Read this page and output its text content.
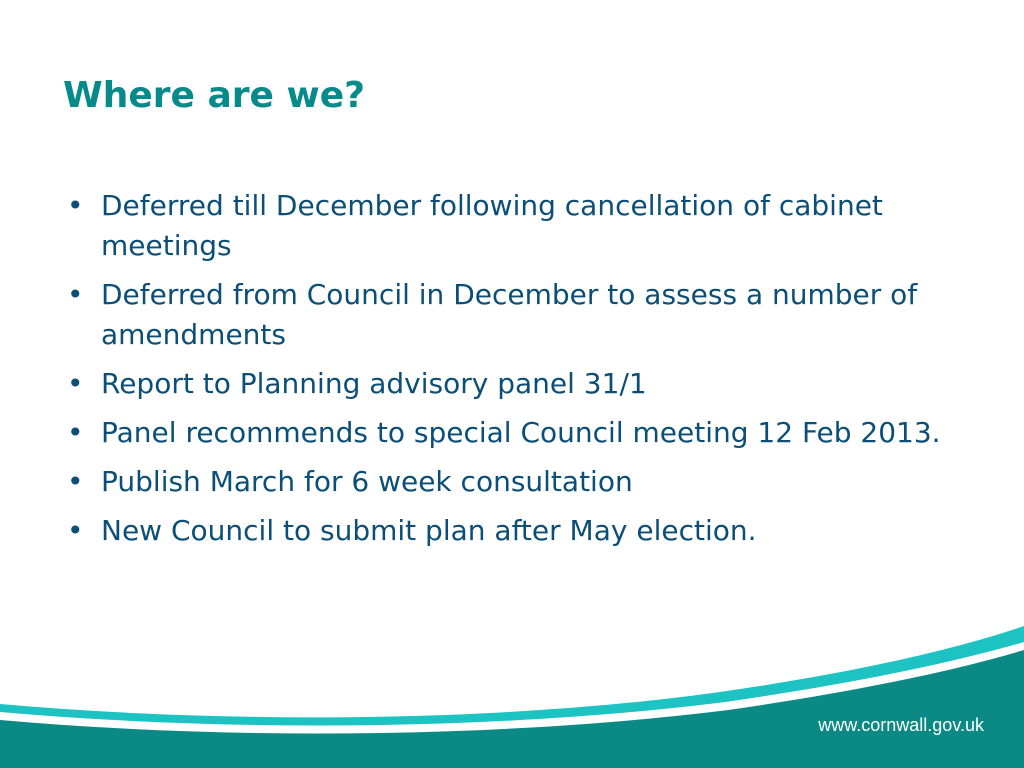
Where are we?
• Deferred till December following cancellation of cabinet meetings
• Deferred from Council in December to assess a number of amendments
• Report to Planning advisory panel 31/1
• Panel recommends to special Council meeting 12 Feb 2013.
• Publish March for 6 week consultation
• New Council to submit plan after May election.
www.cornwall.gov.uk
